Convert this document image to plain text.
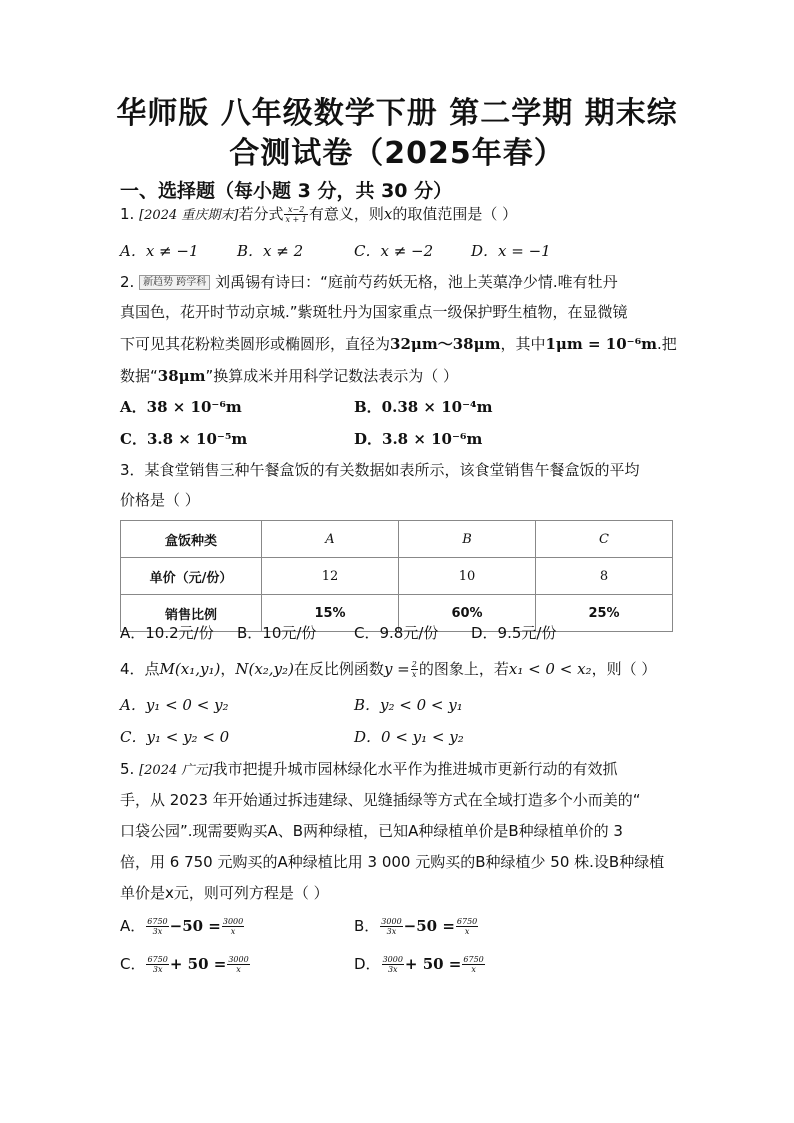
华师版 八年级数学下册 第二学期 期末综
合测试卷（2025年春）
一、选择题（每小题 3 分，共 30 分）
1. [2024 重庆期末]若分式 $\frac{x-2}{x + 1}$ 有意义，则x的取值范围是（ ）
A．x ≠ −1	B．x ≠ 2	C．x ≠ −2	D．x = −1
2. 新趋势 跨学科 刘禹锡有诗曰：“庭前芍药妖无格，池上芙蕖净少情.唯有牡丹
真国色，花开时节动京城.”紫斑牡丹为国家重点一级保护野生植物，在显微镜
下可见其花粉粒类圆形或椭圆形，直径为32μm～38μm，其中1μm = 10⁻⁶m.把
数据“38μm”换算成米并用科学记数法表示为（ ）
A．38 × 10⁻⁶m	B．0.38 × 10⁻⁴m
C．3.8 × 10⁻⁵m	D．3.8 × 10⁻⁶m
3．某食堂销售三种午餐盒饭的有关数据如表所示，该食堂销售午餐盒饭的平均
价格是（ ）
盒饭种类	A	B	C
单价（元/份）	12	10	8
销售比例	15%	60%	25%
A．10.2元/份 B．10元/份	C．9.8元/份 D．9.5元/份
4．点M(x₁,y₁)，N(x₂,y₂)在反比例函数$y = \frac{2}{x}$ 的图象上，若x₁ < 0 < x₂，则（ ）
A．y₁ < 0 < y₂	B．y₂ < 0 < y₁
C．y₁ < y₂ < 0	D．0 < y₁ < y₂
5. [2024 广元]我市把提升城市园林绿化水平作为推进城市更新行动的有效抓
手，从 2023 年开始通过拆违建绿、见缝插绿等方式在全域打造多个小而美的“
口袋公园”.现需要购买A、B两种绿植，已知A种绿植单价是B种绿植单价的 3
倍，用 6 750 元购买的A种绿植比用 3 000 元购买的B种绿植少 50 株.设B种绿植
单价是x元，则可列方程是（ ）
A． $\frac{6750}{3x} -50 = \frac{3000}{x}$	B． $\frac{3000}{3x} -50 = \frac{6750}{x}$
C． $\frac{6750}{3x} + 50 = \frac{3000}{x}$	D． $\frac{3000}{3x} + 50 = \frac{6750}{x}$
